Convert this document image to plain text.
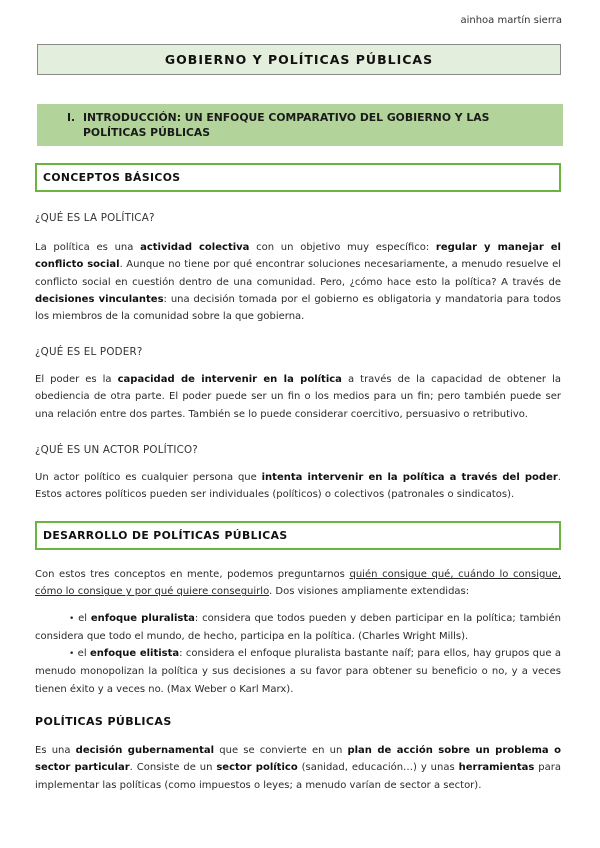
ainhoa martín sierra
GOBIERNO Y POLÍTICAS PÚBLICAS
I. INTRODUCCIÓN: UN ENFOQUE COMPARATIVO DEL GOBIERNO Y LAS
POLÍTICAS PÚBLICAS
CONCEPTOS BÁSICOS
¿QUÉ ES LA POLÍTICA?
La política es una actividad colectiva con un objetivo muy específico: regular y manejar el conflicto social. Aunque no tiene por qué encontrar soluciones necesariamente, a menudo resuelve el conflicto social en cuestión dentro de una comunidad. Pero, ¿cómo hace esto la política? A través de decisiones vinculantes: una decisión tomada por el gobierno es obligatoria y mandatoria para todos los miembros de la comunidad sobre la que gobierna.
¿QUÉ ES EL PODER?
El poder es la capacidad de intervenir en la política a través de la capacidad de obtener la obediencia de otra parte. El poder puede ser un fin o los medios para un fin; pero también puede ser una relación entre dos partes. También se lo puede considerar coercitivo, persuasivo o retributivo.
¿QUÉ ES UN ACTOR POLÍTICO?
Un actor político es cualquier persona que intenta intervenir en la política a través del poder. Estos actores políticos pueden ser individuales (políticos) o colectivos (patronales o sindicatos).
DESARROLLO DE POLÍTICAS PÚBLICAS
Con estos tres conceptos en mente, podemos preguntarnos quién consigue qué, cuándo lo consigue, cómo lo consigue y por qué quiere conseguirlo. Dos visiones ampliamente extendidas:
• el enfoque pluralista: considera que todos pueden y deben participar en la política; también considera que todo el mundo, de hecho, participa en la política. (Charles Wright Mills).
• el enfoque elitista: considera el enfoque pluralista bastante naíf; para ellos, hay grupos que a menudo monopolizan la política y sus decisiones a su favor para obtener su beneficio o no, y a veces tienen éxito y a veces no. (Max Weber o Karl Marx).
POLÍTICAS PÚBLICAS
Es una decisión gubernamental que se convierte en un plan de acción sobre un problema o sector particular. Consiste de un sector político (sanidad, educación…) y unas herramientas para implementar las políticas (como impuestos o leyes; a menudo varían de sector a sector).
